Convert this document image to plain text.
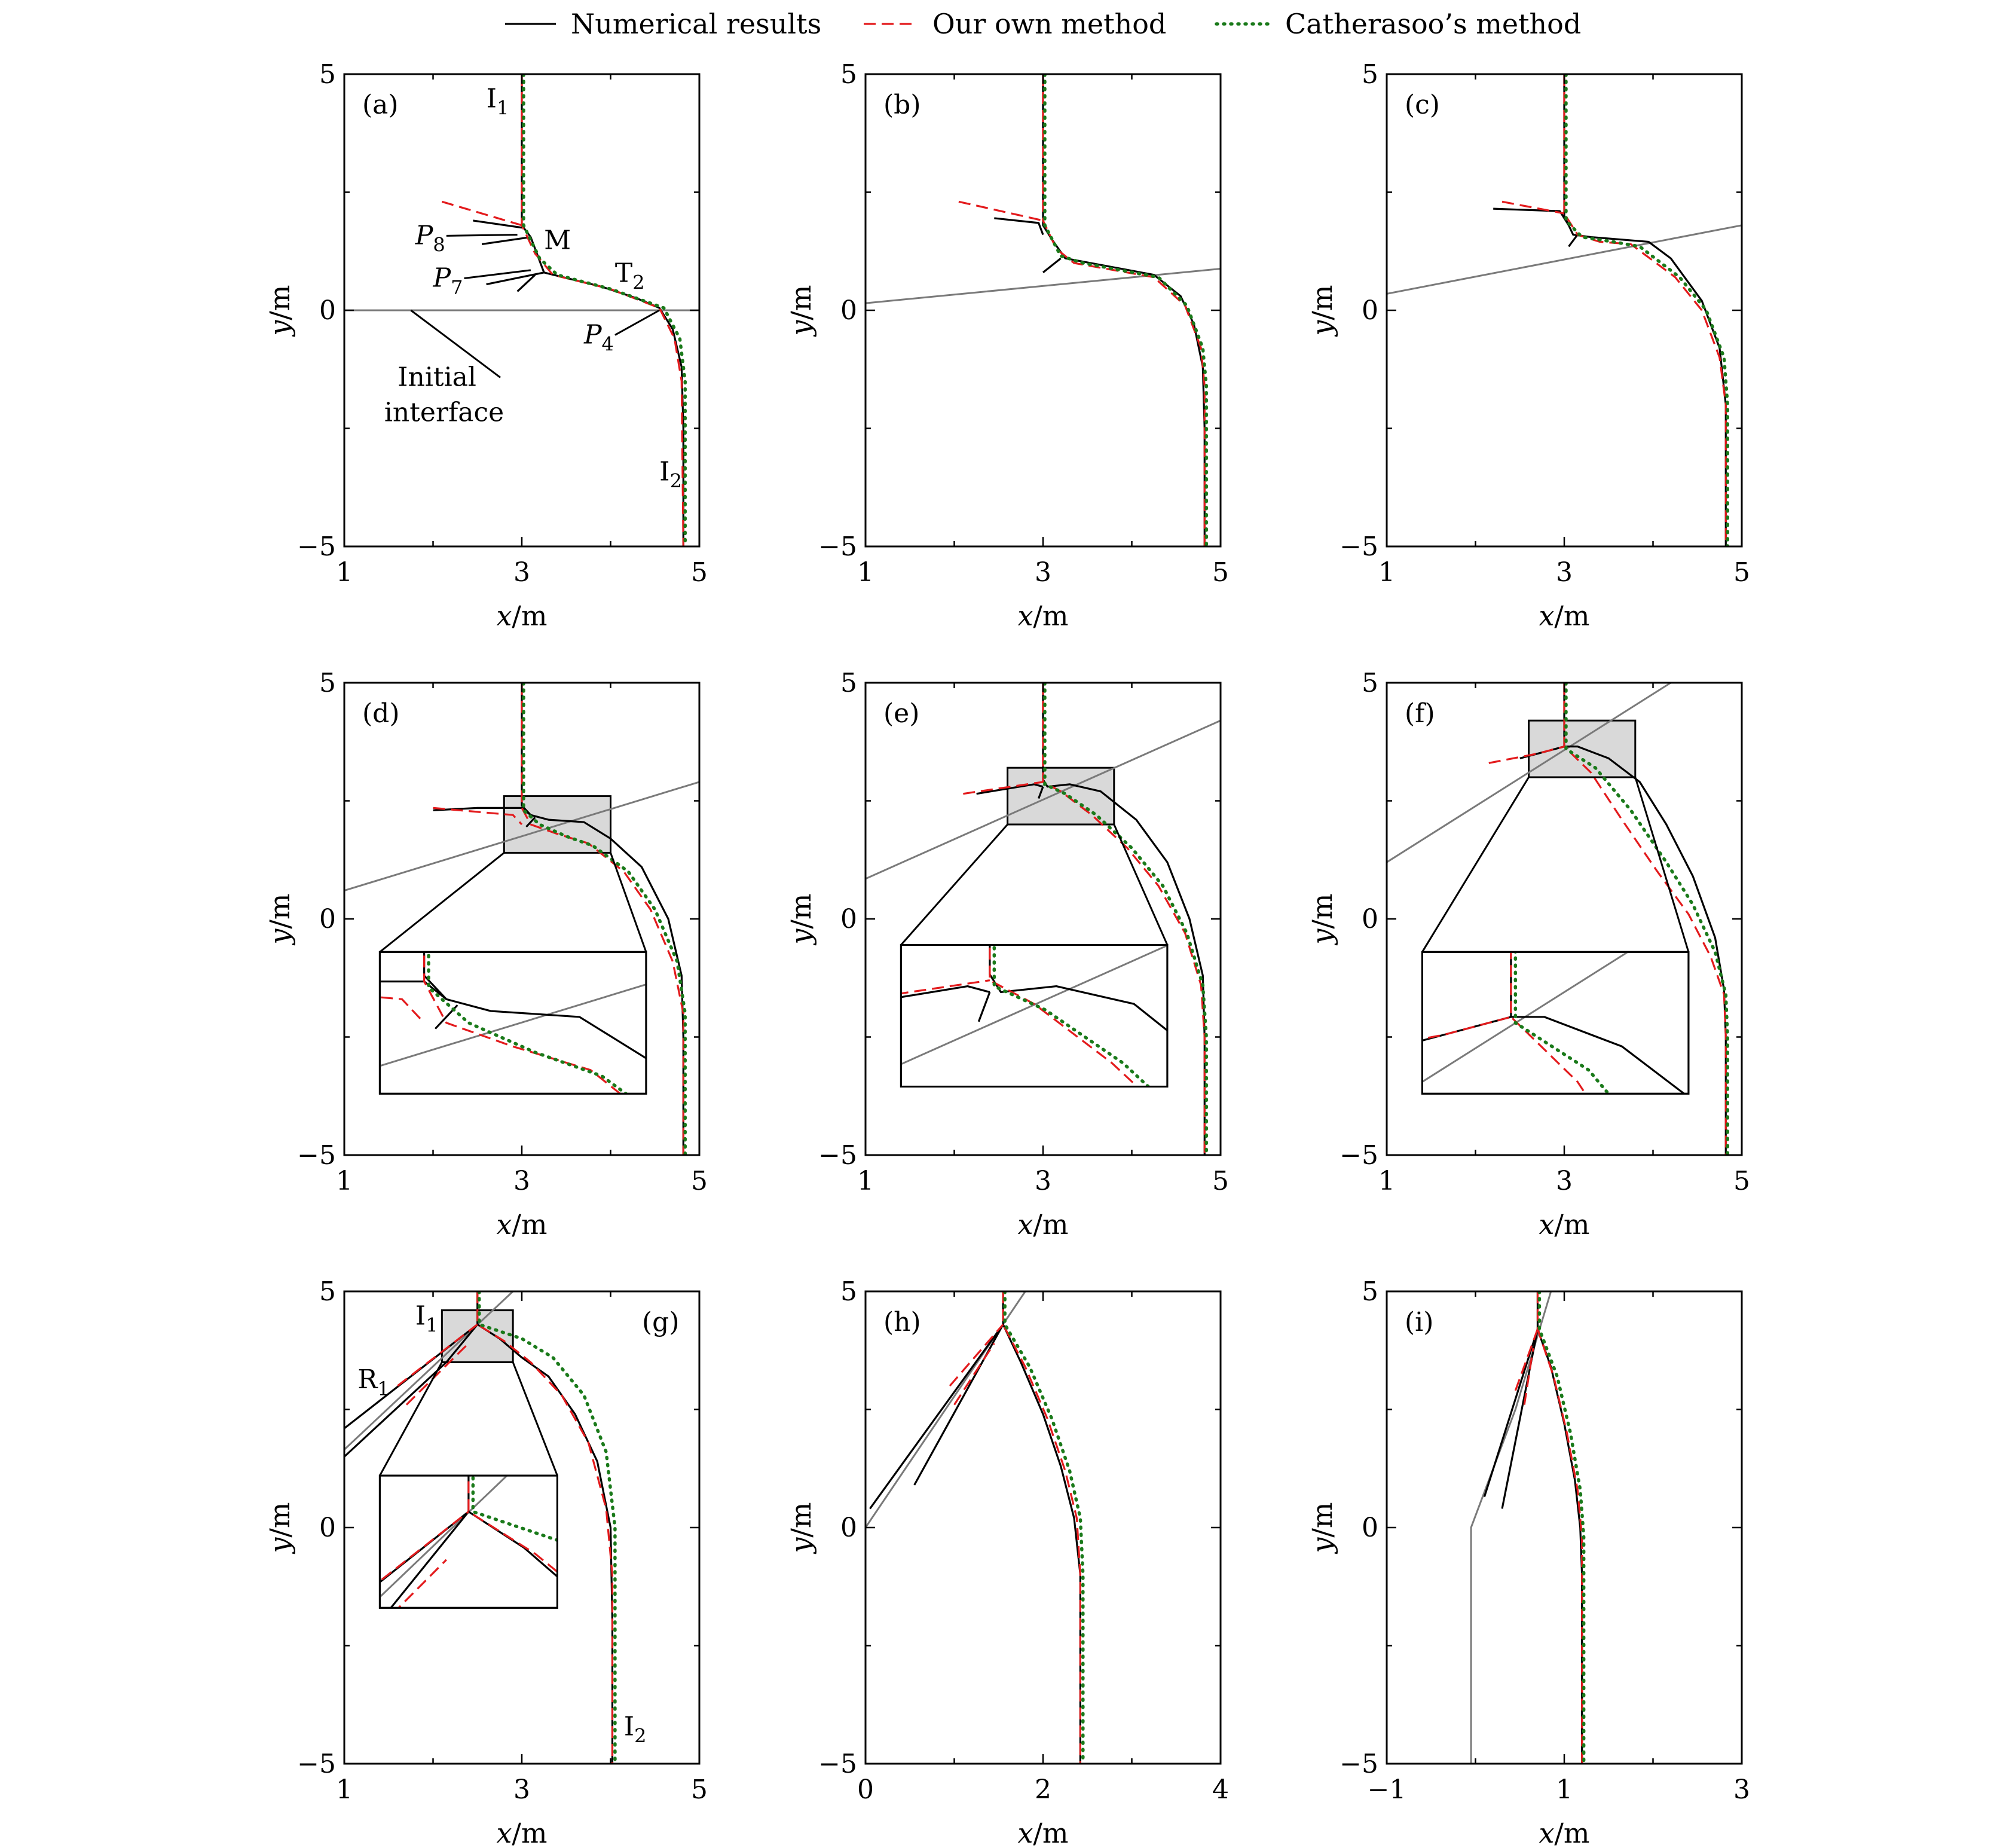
Numerical results	Our own method	Catherasoo’s method
1	3	5
5
0
−5
x/m
y/m
(a)	$I_1$
$P_8$	M
$P_7$	$T_2$
$P_4$
Initial
interface
$I_2$
1	3	5
5
0
−5
x/m
y/m
(b)
1	3	5
5
0
−5
x/m
y/m
(c)
1	3	5
5
0
−5
x/m
y/m
(d)
1	3	5
5
0
−5
x/m
y/m
(e)
1	3	5
5
0
−5
x/m
y/m
(f)
1	3	5
5
0
−5
x/m
y/m
(g)
$I_1$
$R_1$
$I_2$
0	2	4
5
0
−5
x/m
y/m
(h)
−1	1	3
5
0
−5
x/m
y/m
(i)
